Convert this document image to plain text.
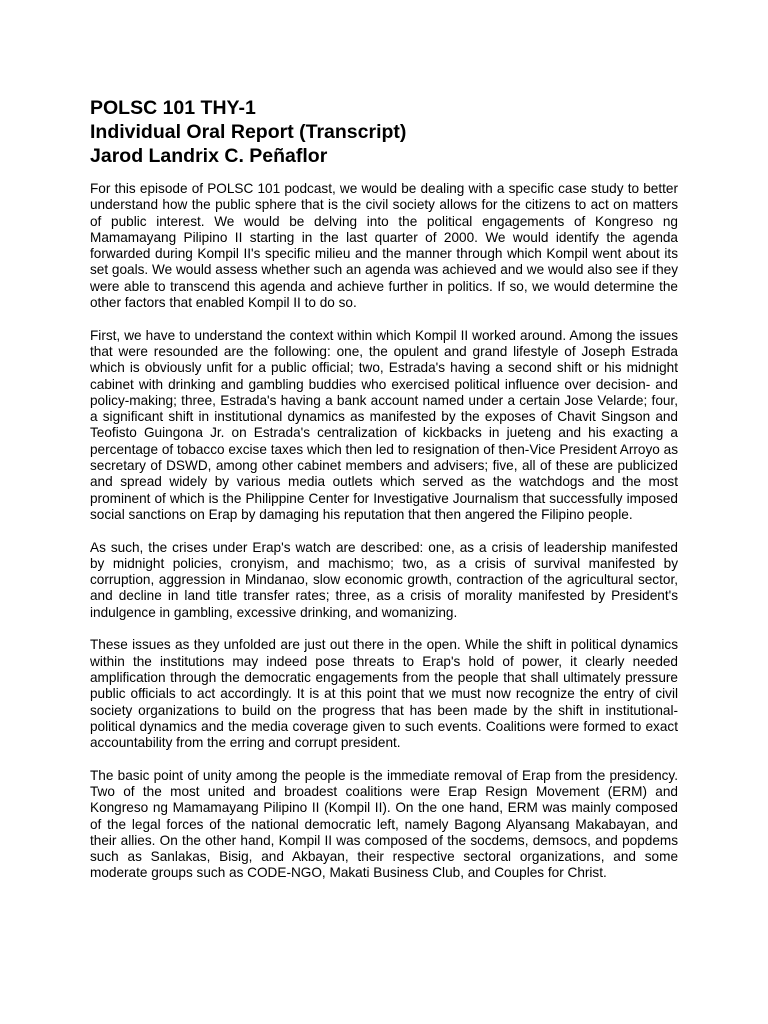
POLSC 101 THY-1

Individual Oral Report (Transcript)

Jarod Landrix C. Peñaflor

For this episode of POLSC 101 podcast, we would be dealing with a specific case study to better understand how the public sphere that is the civil society allows for the citizens to act on matters of public interest. We would be delving into the political engagements of Kongreso ng Mamamayang Pilipino II starting in the last quarter of 2000. We would identify the agenda forwarded during Kompil II's specific milieu and the manner through which Kompil went about its set goals. We would assess whether such an agenda was achieved and we would also see if they were able to transcend this agenda and achieve further in politics. If so, we would determine the other factors that enabled Kompil II to do so.

First, we have to understand the context within which Kompil II worked around. Among the issues that were resounded are the following: one, the opulent and grand lifestyle of Joseph Estrada which is obviously unfit for a public official; two, Estrada's having a second shift or his midnight cabinet with drinking and gambling buddies who exercised political influence over decision- and policy-making; three, Estrada's having a bank account named under a certain Jose Velarde; four, a significant shift in institutional dynamics as manifested by the exposes of Chavit Singson and Teofisto Guingona Jr. on Estrada's centralization of kickbacks in jueteng and his exacting a percentage of tobacco excise taxes which then led to resignation of then-Vice President Arroyo as secretary of DSWD, among other cabinet members and advisers; five, all of these are publicized and spread widely by various media outlets which served as the watchdogs and the most prominent of which is the Philippine Center for Investigative Journalism that successfully imposed social sanctions on Erap by damaging his reputation that then angered the Filipino people.

As such, the crises under Erap's watch are described: one, as a crisis of leadership manifested by midnight policies, cronyism, and machismo; two, as a crisis of survival manifested by corruption, aggression in Mindanao, slow economic growth, contraction of the agricultural sector, and decline in land title transfer rates; three, as a crisis of morality manifested by President's indulgence in gambling, excessive drinking, and womanizing.

These issues as they unfolded are just out there in the open. While the shift in political dynamics within the institutions may indeed pose threats to Erap's hold of power, it clearly needed amplification through the democratic engagements from the people that shall ultimately pressure public officials to act accordingly. It is at this point that we must now recognize the entry of civil society organizations to build on the progress that has been made by the shift in institutional-political dynamics and the media coverage given to such events. Coalitions were formed to exact accountability from the erring and corrupt president.

The basic point of unity among the people is the immediate removal of Erap from the presidency. Two of the most united and broadest coalitions were Erap Resign Movement (ERM) and Kongreso ng Mamamayang Pilipino II (Kompil II). On the one hand, ERM was mainly composed of the legal forces of the national democratic left, namely Bagong Alyansang Makabayan, and their allies. On the other hand, Kompil II was composed of the socdems, demsocs, and popdems such as Sanlakas, Bisig, and Akbayan, their respective sectoral organizations, and some moderate groups such as CODE-NGO, Makati Business Club, and Couples for Christ.
